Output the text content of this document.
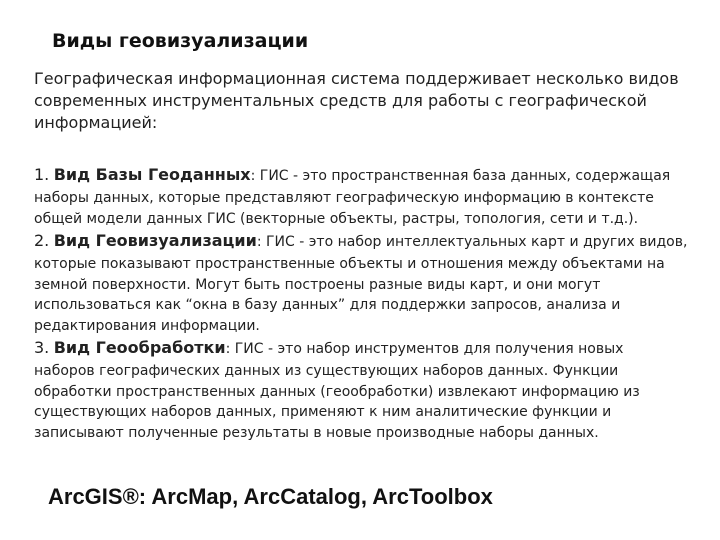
Виды геовизуализации
Географическая информационная система поддерживает несколько видов современных инструментальных средств для работы с географической информацией:
1. Вид Базы Геоданных: ГИС - это пространственная база данных, содержащая
наборы данных, которые представляют географическую информацию в контексте общей модели данных ГИС (векторные объекты, растры, топология, сети и т.д.).
2. Вид Геовизуализации: ГИС - это набор интеллектуальных карт и других видов,
которые показывают пространственные объекты и отношения между объектами на земной поверхности. Могут быть построены разные виды карт, и они могут использоваться как “окна в базу данных” для поддержки запросов, анализа и редактирования информации.
3. Вид Геообработки: ГИС - это набор инструментов для получения новых
наборов географических данных из существующих наборов данных. Функции обработки пространственных данных (геообработки) извлекают информацию из существующих наборов данных, применяют к ним аналитические функции и записывают полученные результаты в новые производные наборы данных.
ArcGIS®: ArcMap, ArcCatalog, ArcToolbox
